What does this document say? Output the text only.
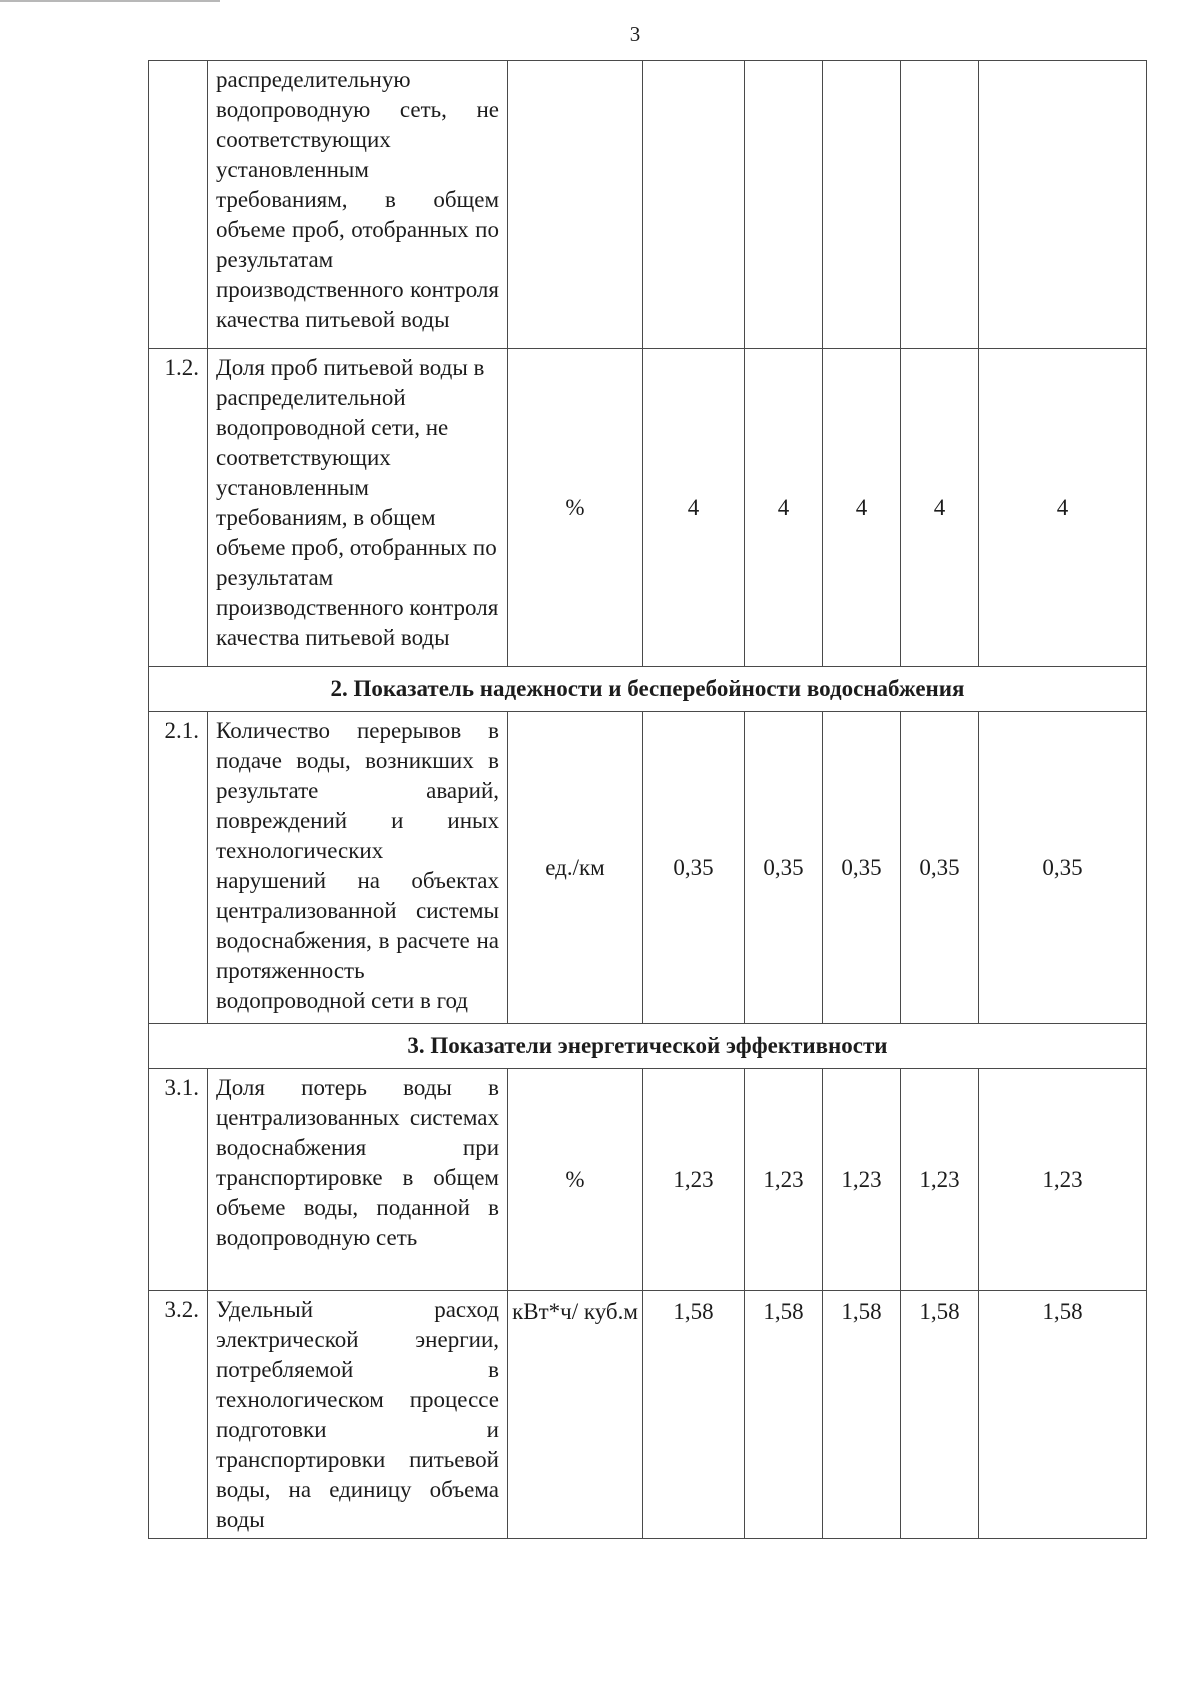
3
	распределительную водопроводную сеть, не соответствующих установленным требованиям, в общем объеме проб, отобранных по результатам производственного контроля качества питьевой воды						
1.2.	Доля проб питьевой воды в распределительной водопроводной сети, не соответствующих установленным требованиям, в общем объеме проб, отобранных по результатам производственного контроля качества питьевой воды	%	4	4	4	4	4
2. Показатель надежности и бесперебойности водоснабжения							
2.1.	Количество перерывов в подаче воды, возникших в результате аварий, повреждений и иных технологических нарушений на объектах централизованной системы водоснабжения, в расчете на протяженность водопроводной сети в год	ед./км	0,35	0,35	0,35	0,35	0,35
3. Показатели энергетической эффективности							
3.1.	Доля потерь воды в централизованных системах водоснабжения при транспортировке в общем объеме воды, поданной в водопроводную сеть	%	1,23	1,23	1,23	1,23	1,23
3.2.	Удельный расход электрической энергии, потребляемой в технологическом процессе подготовки и транспортировки питьевой воды, на единицу объема воды	кВт*ч/ куб.м	1,58	1,58	1,58	1,58	1,58
